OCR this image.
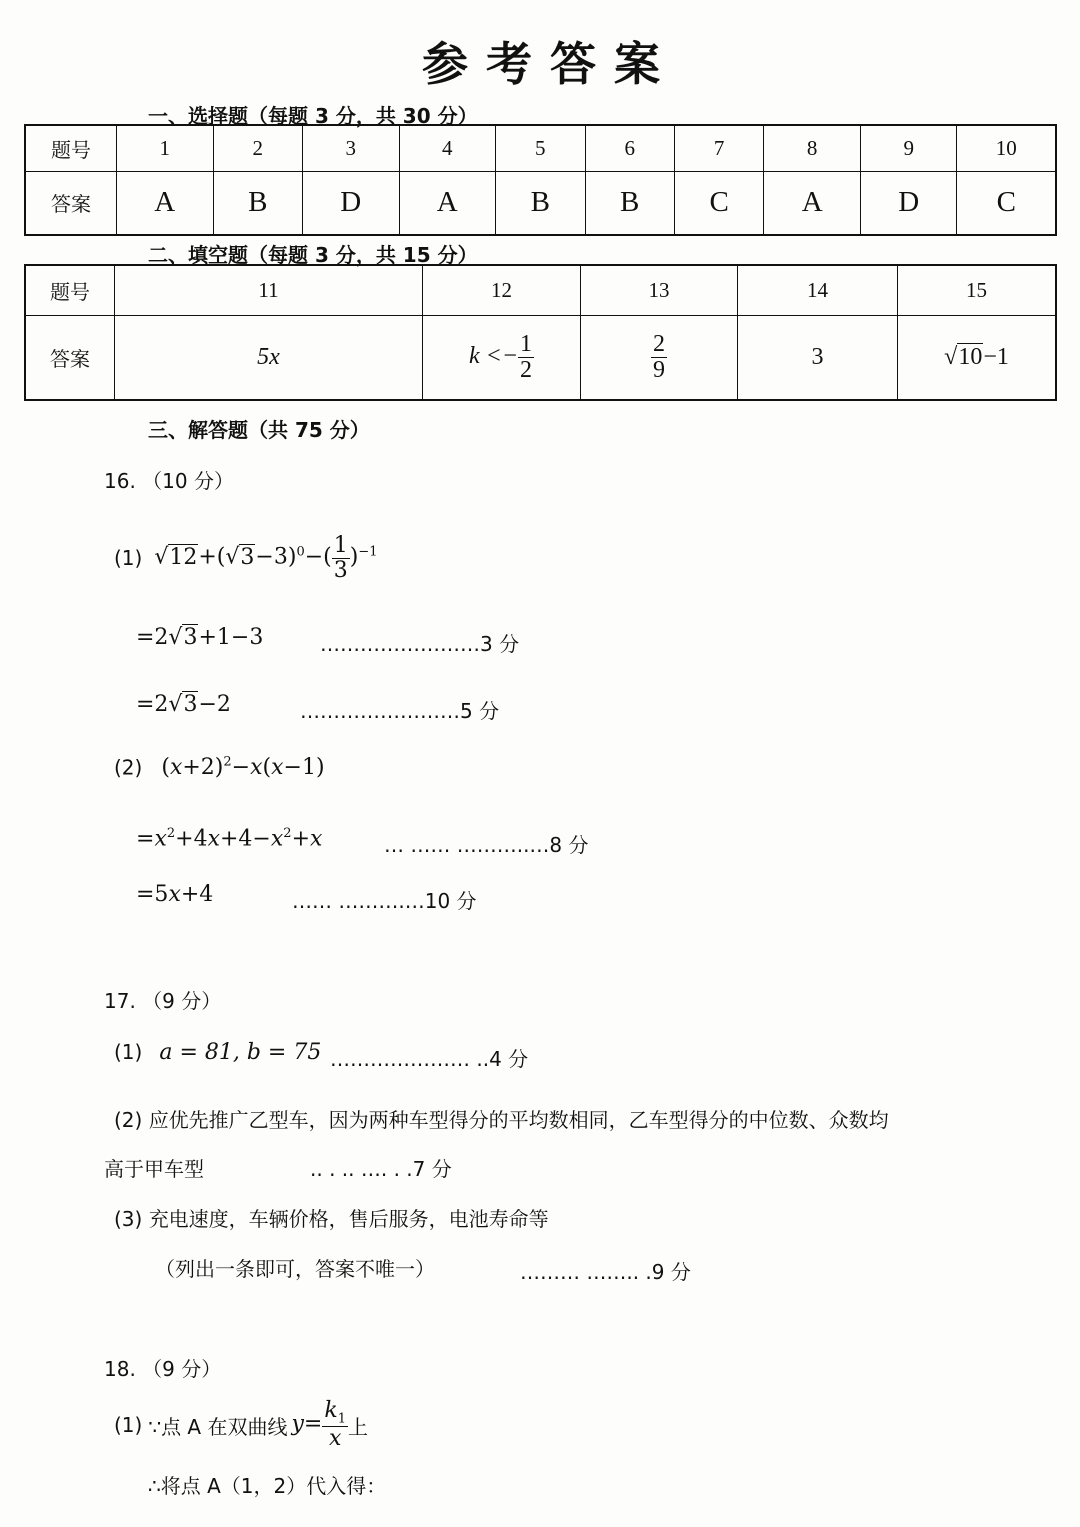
参考答案
一、选择题（每题 3 分，共 30 分）
题号	1	2	3	4	5	6	7	8	9	10
答案	A	B	D	A	B	B	C	A	D	C
二、填空题（每题 3 分，共 15 分）
题号	11	12	13	14	15
答案	5x	$k <- \frac{1}{2}$	$\frac{2}{9}$	3	√10−1
三、解答题（共 75 分）
16. （10 分）
(1) $√12+(√3-3)^0-( \frac{1}{3} )^{-1}$
=2√3+1−3	……………………3 分
=2√3−2	……………………5 分
(2) $(x+2)^2-x(x-1)$
$=x^2+4x+4-x^2+x$	… …… ………..…8 分
=5x+4	…… ……….…10 分
17. （9 分）
(1) a = 81, b = 75 ………………… ..4 分
(2) 应优先推广乙型车，因为两种车型得分的平均数相同，乙车型得分的中位数、众数均
高于甲车型	.. . .. …. . .7 分
(3) 充电速度，车辆价格，售后服务，电池寿命等
（列出一条即可，答案不唯一）	……… …….. .9 分
18. （9 分）
(1) ∵点 A 在双曲线 $y= \frac{k_1}{x}$ 上
∴将点 A（1，2）代入得：
